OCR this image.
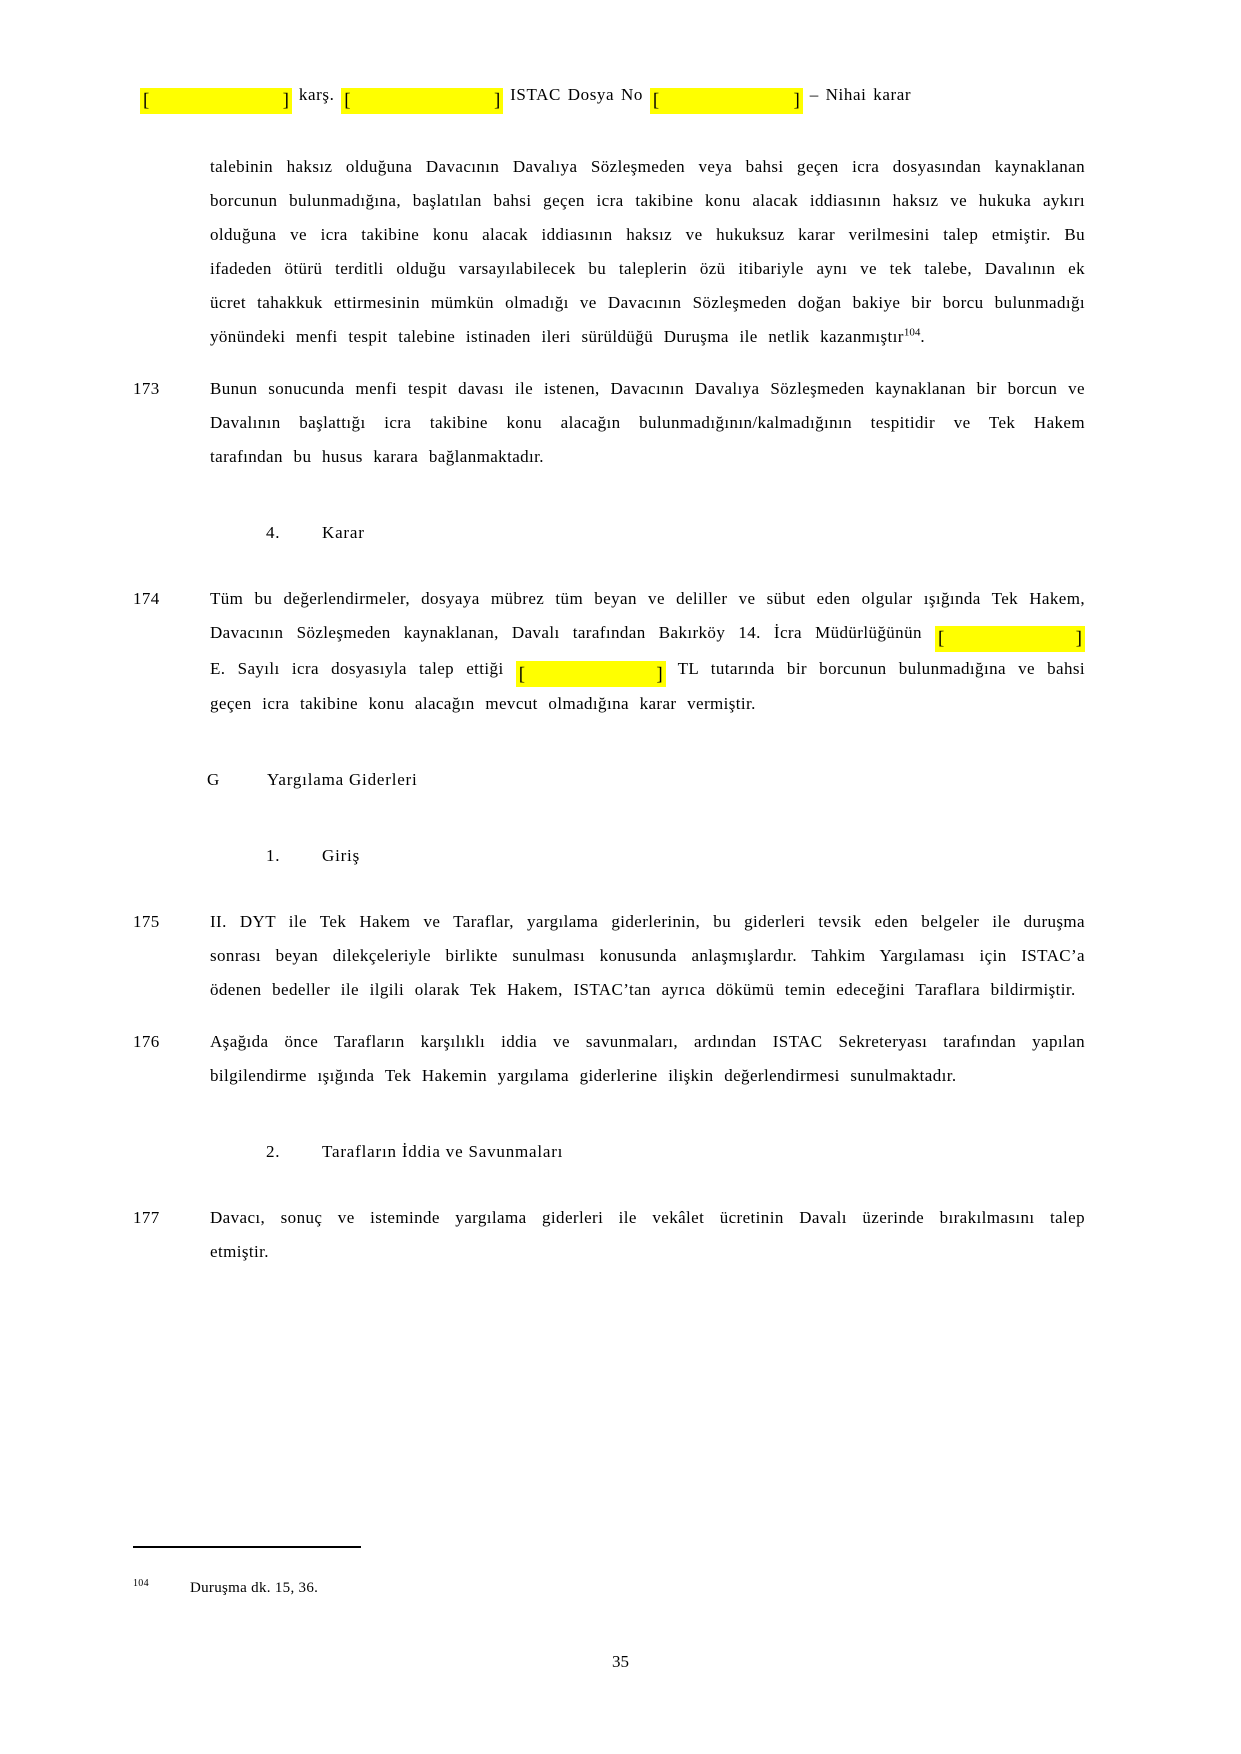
[	] karş. [	] ISTAC Dosya No [	] – Nihai karar
talebinin haksız olduğuna Davacının Davalıya Sözleşmeden veya bahsi geçen icra dosyasından kaynaklanan borcunun bulunmadığına, başlatılan bahsi geçen icra takibine konu alacak iddiasının haksız ve hukuka aykırı olduğuna ve icra takibine konu alacak iddiasının haksız ve hukuksuz karar verilmesini talep etmiştir. Bu ifadeden ötürü terditli olduğu varsayılabilecek bu taleplerin özü itibariyle aynı ve tek talebe, Davalının ek ücret tahakkuk ettirmesinin mümkün olmadığı ve Davacının Sözleşmeden doğan bakiye bir borcu bulunmadığı yönündeki menfi tespit talebine istinaden ileri sürüldüğü Duruşma ile netlik kazanmıştır$^{104}$.
173	Bunun sonucunda menfi tespit davası ile istenen, Davacının Davalıya Sözleşmeden kaynaklanan bir borcun ve Davalının başlattığı icra takibine konu alacağın bulunmadığının/kalmadığının tespitidir ve Tek Hakem tarafından bu husus karara bağlanmaktadır.
4. Karar
174	Tüm bu değerlendirmeler, dosyaya mübrez tüm beyan ve deliller ve sübut eden olgular ışığında Tek Hakem, Davacının Sözleşmeden kaynaklanan, Davalı tarafından Bakırköy 14. İcra Müdürlüğünün [	]
E. Sayılı icra dosyasıyla talep ettiği [	] TL tutarında bir borcunun bulunmadığına ve bahsi geçen icra takibine konu alacağın mevcut olmadığına karar vermiştir.
G	Yargılama Giderleri
1. Giriş
175	II. DYT ile Tek Hakem ve Taraflar, yargılama giderlerinin, bu giderleri tevsik eden belgeler ile duruşma sonrası beyan dilekçeleriyle birlikte sunulması konusunda anlaşmışlardır. Tahkim Yargılaması için ISTAC’a ödenen bedeller ile ilgili olarak Tek Hakem, ISTAC’tan ayrıca dökümü temin edeceğini Taraflara bildirmiştir.
176	Aşağıda önce Tarafların karşılıklı iddia ve savunmaları, ardından ISTAC Sekreteryası tarafından yapılan bilgilendirme ışığında Tek Hakemin yargılama giderlerine ilişkin değerlendirmesi sunulmaktadır.
2. Tarafların İddia ve Savunmaları
177	Davacı, sonuç ve isteminde yargılama giderleri ile vekâlet ücretinin Davalı üzerinde bırakılmasını talep etmiştir.
104	Duruşma dk. 15, 36.
35
